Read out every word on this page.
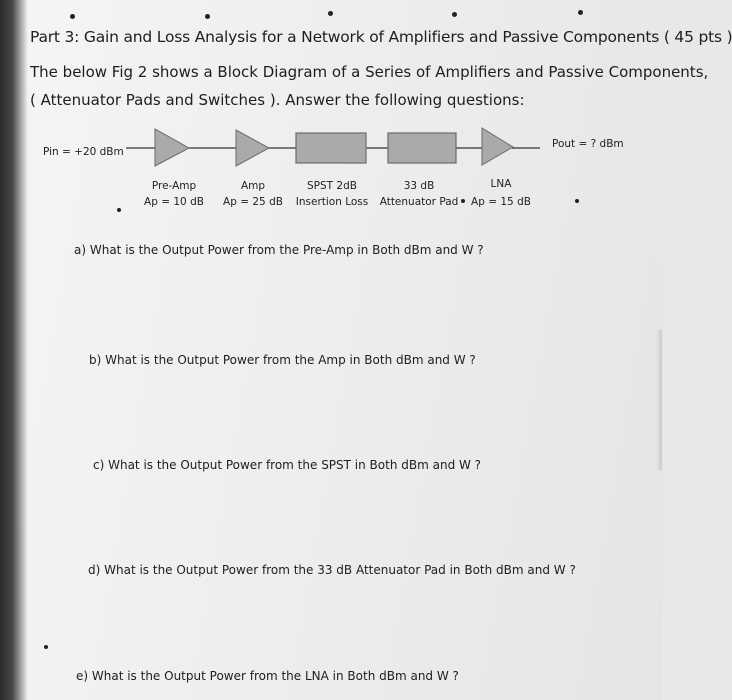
Part 3: Gain and Loss Analysis for a Network of Amplifiers and Passive Components ( 45 pts )
The below Fig 2 shows a Block Diagram of a Series of Amplifiers and Passive Components,
( Attenuator Pads and Switches ). Answer the following questions:
Pin = +20 dBm
Pout = ? dBm
Pre-Amp
Ap = 10 dB
Amp
Ap = 25 dB
SPST 2dB
Insertion Loss
33 dB
Attenuator Pad
LNA
Ap = 15 dB
a) What is the Output Power from the Pre-Amp in Both dBm and W ?
b) What is the Output Power from the Amp in Both dBm and W ?
c) What is the Output Power from the SPST in Both dBm and W ?
d) What is the Output Power from the 33 dB Attenuator Pad in Both dBm and W ?
e) What is the Output Power from the LNA in Both dBm and W ?
